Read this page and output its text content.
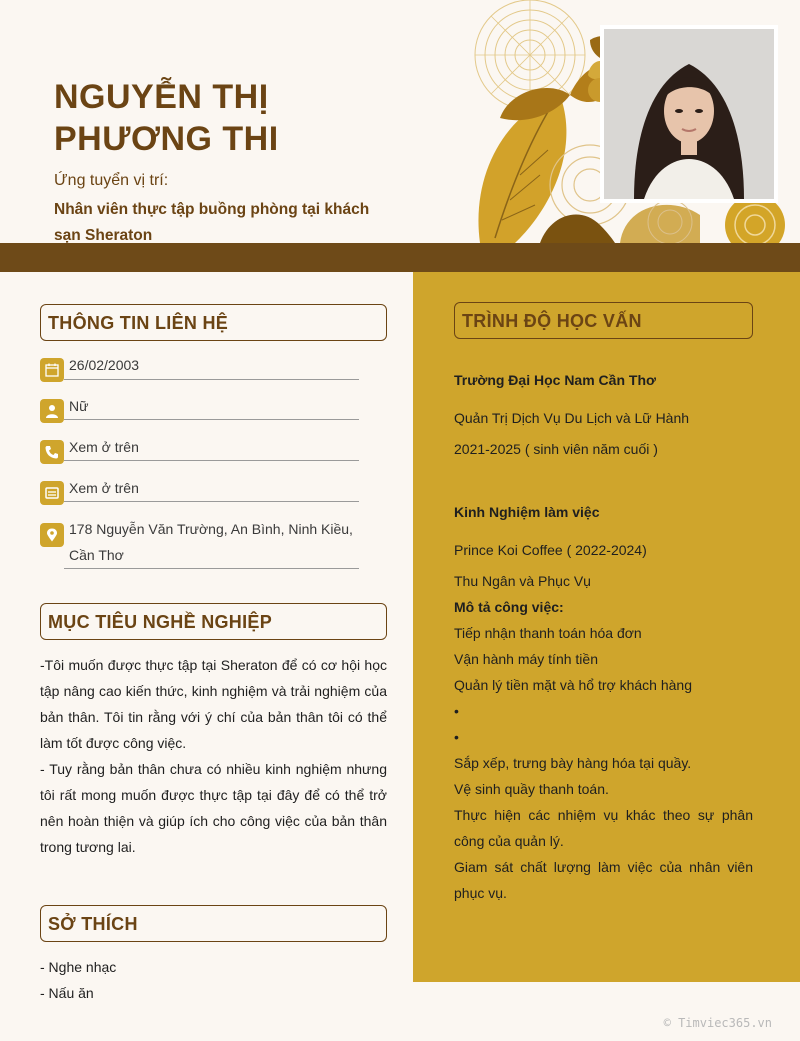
NGUYỄN THỊ
PHƯƠNG THI
Ứng tuyển vị trí:
Nhân viên thực tập buồng phòng tại khách sạn Sheraton
THÔNG TIN LIÊN HỆ
26/02/2003
Nữ
Xem ở trên
Xem ở trên
178 Nguyễn Văn Trường, An Bình, Ninh Kiều, Cần Thơ
MỤC TIÊU NGHỀ NGHIỆP

-Tôi muốn được thực tập tại Sheraton để có cơ hội học tập nâng cao kiến thức, kinh nghiệm và trải nghiệm của bản thân. Tôi tin rằng với ý chí của bản thân tôi có thể làm tốt được công việc.

- Tuy rằng bản thân chưa có nhiều kinh nghiệm nhưng tôi rất mong muốn được thực tập tại đây để có thể trở nên hoàn thiện và giúp ích cho công việc của bản thân trong tương lai.

SỞ THÍCH
- Nghe nhạc
- Nấu ăn
TRÌNH ĐỘ HỌC VẤN
Trường Đại Học Nam Cần Thơ
Quản Trị Dịch Vụ Du Lịch và Lữ Hành
2021-2025 ( sinh viên năm cuối )
Kinh Nghiệm làm việc
Prince Koi Coffee ( 2022-2024)
Thu Ngân và Phục Vụ
Mô tả công việc:
Tiếp nhận thanh toán hóa đơn
Vận hành máy tính tiền
Quản lý tiền mặt và hổ trợ khách hàng
•
•
Sắp xếp, trưng bày hàng hóa tại quầy.
Vệ sinh quầy thanh toán.
Thực hiện các nhiệm vụ khác theo sự phân công của quản lý.
Giam sát chất lượng làm việc của nhân viên phục vụ.
© Timviec365.vn
